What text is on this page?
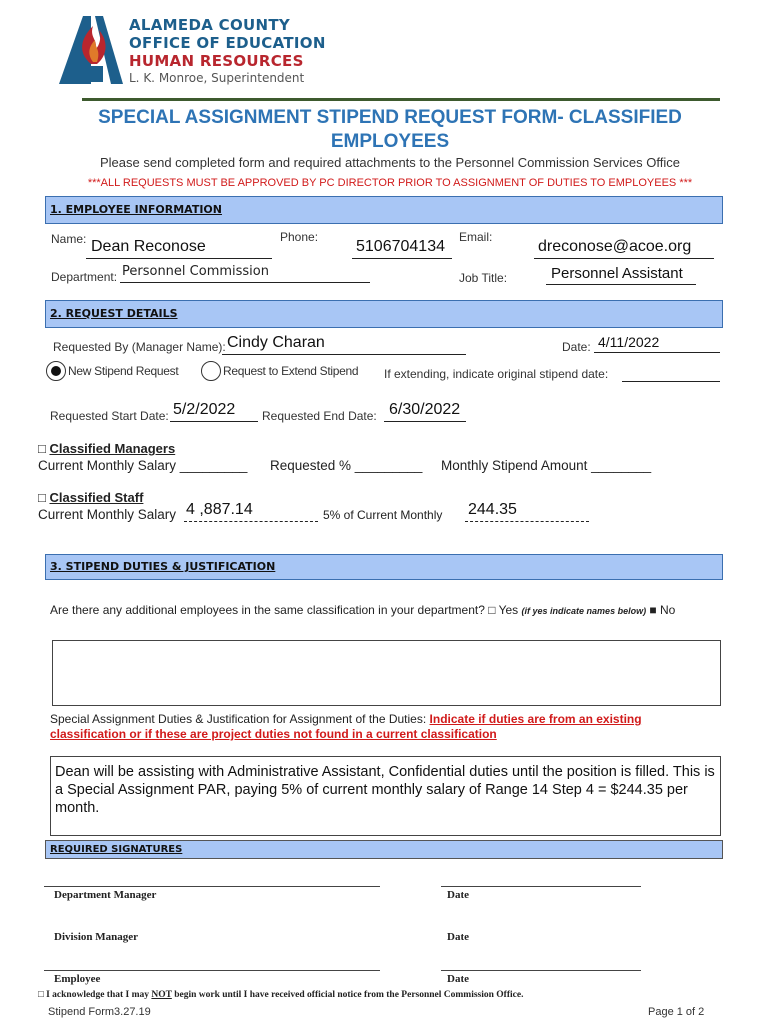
ALAMEDA COUNTY
OFFICE OF EDUCATION
HUMAN RESOURCES
L. K. Monroe, Superintendent
SPECIAL ASSIGNMENT STIPEND REQUEST FORM- CLASSIFIED
EMPLOYEES
Please send completed form and required attachments to the Personnel Commission Services Office
***ALL REQUESTS MUST BE APPROVED BY PC DIRECTOR PRIOR TO ASSIGNMENT OF DUTIES TO EMPLOYEES ***
1. EMPLOYEE INFORMATION
Name: Dean Reconose
Phone:
5106704134
Email:
dreconose@acoe.org
Department: Personnel Commission	Job Title:	Personnel Assistant
2. REQUEST DETAILS
Requested By (Manager Name): Cindy Charan	Date: 4/11/2022
New Stipend Request	Request to Extend Stipend If extending, indicate original stipend date:
Requested Start Date: 5/2/2022 Requested End Date: 6/30/2022
□ Classified Managers
Current Monthly Salary _________ Requested % _________ Monthly Stipend Amount ________
□ Classified Staff
Current Monthly Salary 4 ,887.14	5% of Current Monthly 244.35
3. STIPEND DUTIES & JUSTIFICATION
Are there any additional employees in the same classification in your department? □ Yes (if yes indicate names below) ■ No
Special Assignment Duties & Justification for Assignment of the Duties: Indicate if duties are from an existing
classification or if these are project duties not found in a current classification
Dean will be assisting with Administrative Assistant, Confidential duties until the position is filled. This is a Special Assignment PAR, paying 5% of current monthly salary of Range 14 Step 4 = $244.35 per month.
REQUIRED SIGNATURES
Department Manager	Date
Division Manager	Date
Employee	Date
□ I acknowledge that I may NOT begin work until I have received official notice from the Personnel Commission Office.
Stipend Form3.27.19	Page 1 of 2
